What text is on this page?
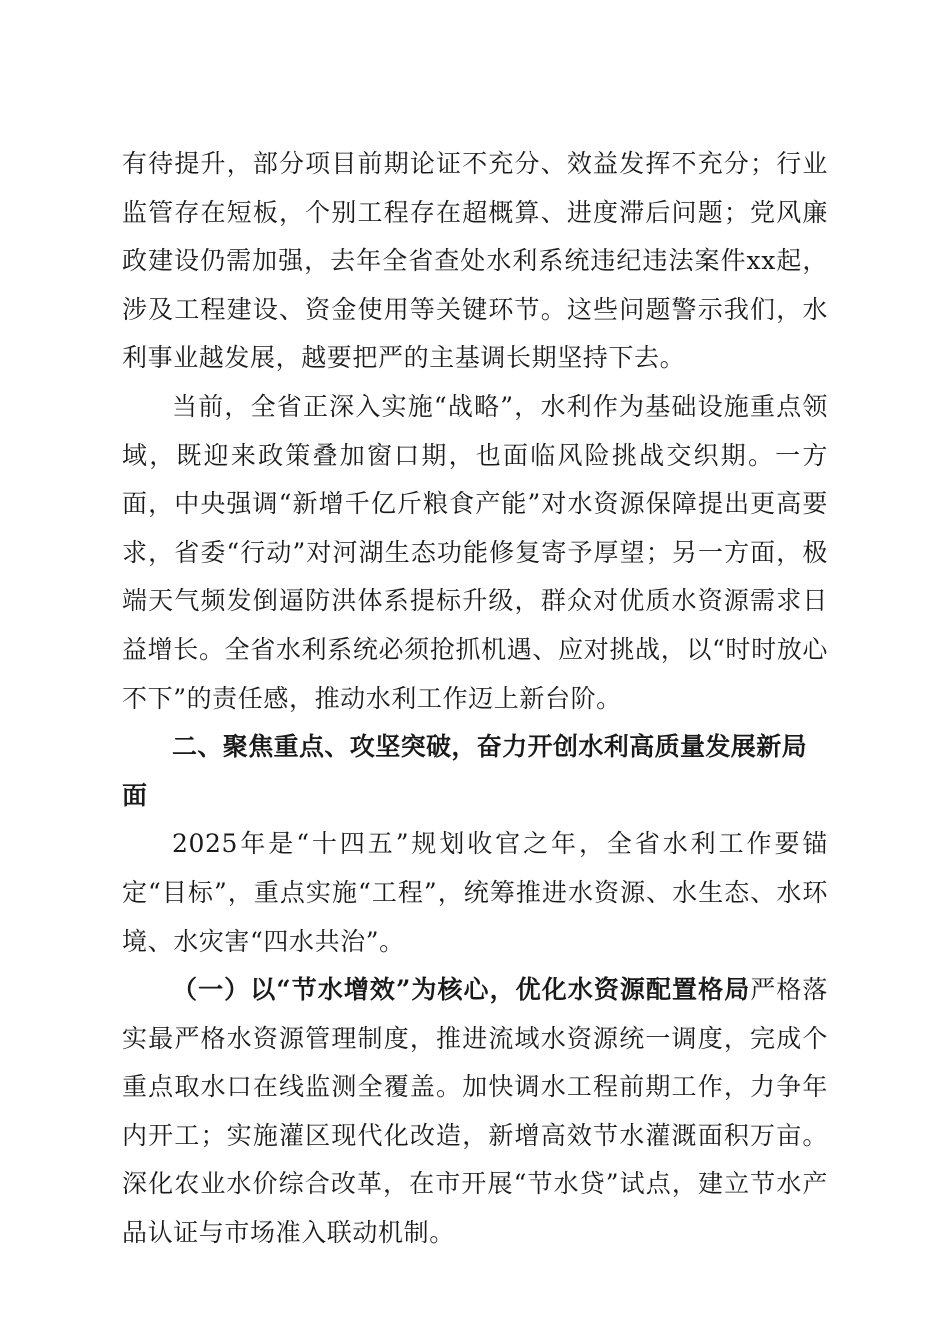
有待提升，部分项目前期论证不充分、效益发挥不充分；行业监管存在短板，个别工程存在超概算、进度滞后问题；党风廉政建设仍需加强，去年全省查处水利系统违纪违法案件xx起，涉及工程建设、资金使用等关键环节。这些问题警示我们，水利事业越发展，越要把严的主基调长期坚持下去。

当前，全省正深入实施“战略”，水利作为基础设施重点领域，既迎来政策叠加窗口期，也面临风险挑战交织期。一方面，中央强调“新增千亿斤粮食产能”对水资源保障提出更高要求，省委“行动”对河湖生态功能修复寄予厚望；另一方面，极端天气频发倒逼防洪体系提标升级，群众对优质水资源需求日益增长。全省水利系统必须抢抓机遇、应对挑战，以“时时放心不下”的责任感，推动水利工作迈上新台阶。

二、聚焦重点、攻坚突破，奋力开创水利高质量发展新局面

2025年是“十四五”规划收官之年，全省水利工作要锚定“目标”，重点实施“工程”，统筹推进水资源、水生态、水环境、水灾害“四水共治”。

（一）以“节水增效”为核心，优化水资源配置格局严格落实最严格水资源管理制度，推进流域水资源统一调度，完成个重点取水口在线监测全覆盖。加快调水工程前期工作，力争年内开工；实施灌区现代化改造，新增高效节水灌溉面积万亩。深化农业水价综合改革，在市开展“节水贷”试点，建立节水产品认证与市场准入联动机制。
